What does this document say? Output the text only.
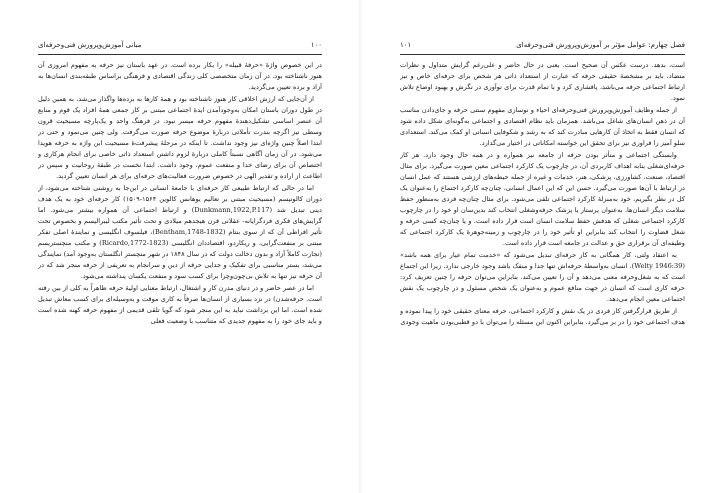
۱۰۰
مبانی آموزش‌وپرورش فنی‌وحرفه‌ای

در این خصوص واژهٔ «حرفهٔ قبیله» را بکار برده است. در عهد باستان نیز حرفه به مفهوم امروزی آن هنوز ناشناخته بود. در آن زمان متخصصی کلی زندگی اقتصادی و فرهنگی براساس طبقه‌بندی انسان‌ها به آزاد و برده تعیین می‌گردید.

از آن‌جایی که ارزش اخلاقی کار هنوز ناشناخته بود و همهٔ کارها به برده‌ها واگذار می‌شد، به همین دلیل در طول دوران باستان امکان به‌وجودآمدن ایدهٔ اجتماعی مبتنی بر کار جمعی همهٔ افراد یک قوم و منابع آن عنصر اساسی تشکیل‌دهندهٔ مفهوم حرفه میسر نبود. در فرهنگ واحد و یک‌پارچه مسیحیت قرون وسطی نیز اگرچه بندرت تأملاتی دربارهٔ موضوع حرفه صورت می‌گرفت. ولی چنین می‌نمود و حتی در ابتدا اصلاً چنین واژه‌ای نیز وجود نداشت. تا اینکه در مرحلهٔ پیشرفت‌هٔ مسیحیت این واژه به حرفه هویدا می‌شود. در آن زمان آگاهی نسبتاً کاملی دربارهٔ لزوم داشتن استعداد ذاتی خاصی برای انجام هرکاری و اختصاص آن برای رضای خدا و منفعت عموم، وجود داشت. ابتدا نخست در طبقهٔ روحانیت و سپس در اطاعت از اراده و تقدیر الهی در خصوص ضرورت فعالیت‌های حرفه‌ای برای هر انسان تعیین گردید.

اما در حالی که ارتباط طبیعی کار حرفه‌ای با جامعهٔ انسانی در این‌جا به روشنی شناخته می‌شود، از دوران کالونیسم (مسیحیت مبتنی بر تعالیم یوهانس کالوین ۱۵۶۴-۱۵۰۹) کار حرفه‌ای خود به یک هدف دینی تبدیل شد (Dunkmann,1922,P.117) و ارتباط اجتماعی آن همواره بیشتر می‌شود. اما گرایش‌های فکری فردگرایانه- عقلانی قرن هیجدهم میلادی و تحت تأثیر مکتب لیبرالیسم و بخصوص تحت تأثیر افراطی آن که از سوی بنتام (Bentham,1748-1832)، فیلسوف انگلیسی و نمایندهٔ اصلی تفکر مبتنی بر منفعت‌گرایی، و ریکاردو، اقتصاددان انگلیسی (Ricardo,1772-1823) و مکتب منچستریسم (تجارت کاملاً آزاد و بدون دخالت دولت که در سال ۱۸۴۸ در شهر منچستر انگلستان به‌وجود آمد) نمایندگی می‌شد، بستر مناسبی برای تفکیک و جدایی حرفه از دین و سرانجام به تعریفی از حرفه منجر شد که در آن حرفه نیز تنها به تلاش بی‌چون‌وچرا برای کسب سود و منفعت یکسان پنداشته می‌شود.

اما در عصر حاضر و در دنیای مدرن کار و اشتغال، ارتباط معنایی اولیهٔ حرفه ظاهراً به کلی از بین رفته است. حرفه‌شدن) در نزد بسیاری از انسان‌ها صرفاً به کاری موقت و به‌وسیله‌ای برای کسب معاش تبدیل شده است. اما این برداشت نباید به این منجر شود که گویا تلقی قدیمی از مفهوم حرفه کهنه شده است و باید جای خود را به مفهوم جدیدی که متناسب با وضعیت فعلی

۱۰۱	فصل چهارم: عوامل مؤثر بر آموزش‌وپرورش فنی‌وحرفه‌ای

است، بدهد. درست عکس آن صحیح است. یعنی در حال حاضر و علی‌رغم گرایش متداول و نظرات متضاد، باید بر مشخصهٔ حقیقی حرفه که عبارت از استعداد ذاتی هر شخص برای حرفه‌ای خاص و نیز ارتباط اجتماعی حرفه می‌باشد، پافشاری کرد و با تمام قدرت برای نوآوری در نگرش و بهبود اوضاع تلاش نمود.

از جمله وظایف آموزش‌وپرورش فنی‌وحرفه‌ای احیاء و نوسازی مفهوم سنتی حرفه و جای‌دادن مناسب آن در ذهن انسان‌های شاغل می‌باشد. همزمان باید نظام اقتصادی و اجتماعی به‌گونه‌ای شکل داده شود که انسان فقط به اتخاذ آن کارهایی مبادرت کند که به رشد و شکوفایی انسانی او کمک می‌کند. استعدادی سلو آمیز را فراوری نیز برای تحقق این خواسته امکاناتی در اختیار می‌گذارد.

وابستگی اجتماعی و متأثر بودن حرفه از جامعه نیز همواره و در همه حال وجود دارد. هر کار حرفه‌ای‌شغلی بنابه اهداف کاربردی آن، در چارچوب یک کارکرد اجتماعی معین صورت می‌گیرد. برای مثال اقتصاد، صنعت، کشاورزی، پزشکی، هنر، خدمات و غیره از جمله حیطه‌های ارزشی هستند که عمل انسان در ارتباط با آن‌ها صورت می‌گیرد. حسن این که این اعمال انسانی، چنان‌چه کارکرد اجتماع را به‌عنوان یک کل در نظر بگیریم، خود به‌منزلهٔ کارکرد اجتماعی تلقی می‌شود. برای مثال چنان‌چه فردی به‌منظور حفظ سلامت دیگر انسان‌ها، به‌عنوان پرستار یا پزشک حرفه‌وشغلی انتخاب کند بدین‌سان او خود را در چارچوب کارکرد اجتماعی شغلی که هدفش حفظ سلامت انسان است قرار داده است. و یا چنان‌چه کسی حرفه و شغل قضاوت را انتخاب کند بنابراین او تأثیر خود را در چارچوب و زمینه‌جوهرهٔ یک کارکرد اجتماعی که وظیفه‌ای آن برقراری حق و عدالت در جامعه است قرار داده است.

به اعتقاد ولتی، کار همگانی به کار حرفه‌ای تبدیل می‌شود که «خدمت تمام عیار برای همه باشد» (Welty 1946:39). انسان به‌واسطهٔ حرفه‌اش تنها جدا و منفک باشد وجود خارجی ندارد. زیرا این اجتماع است که به شغل‌وحرفه معنی می‌دهد و آن را تعیین می‌کند. بنابراین می‌توان حرفه را چنین تعریف کرد: حرفه کاری است که انسان در جهت منافع عموم و به‌عنوان یک شخص مسئول و در چارچوب یک نقش اجتماعی معین انجام می‌دهد.

از طریق قرارگرفتن کار فردی در یک نقش و کارکرد اجتماعی، حرفه معنای حقیقی خود را پیدا نموده و هدف اجتماعی خود را در بر می‌گیرد. بنابراین اکنون این مسئله را می‌توان با دو قطبی‌بودن ماهیت وجودی
